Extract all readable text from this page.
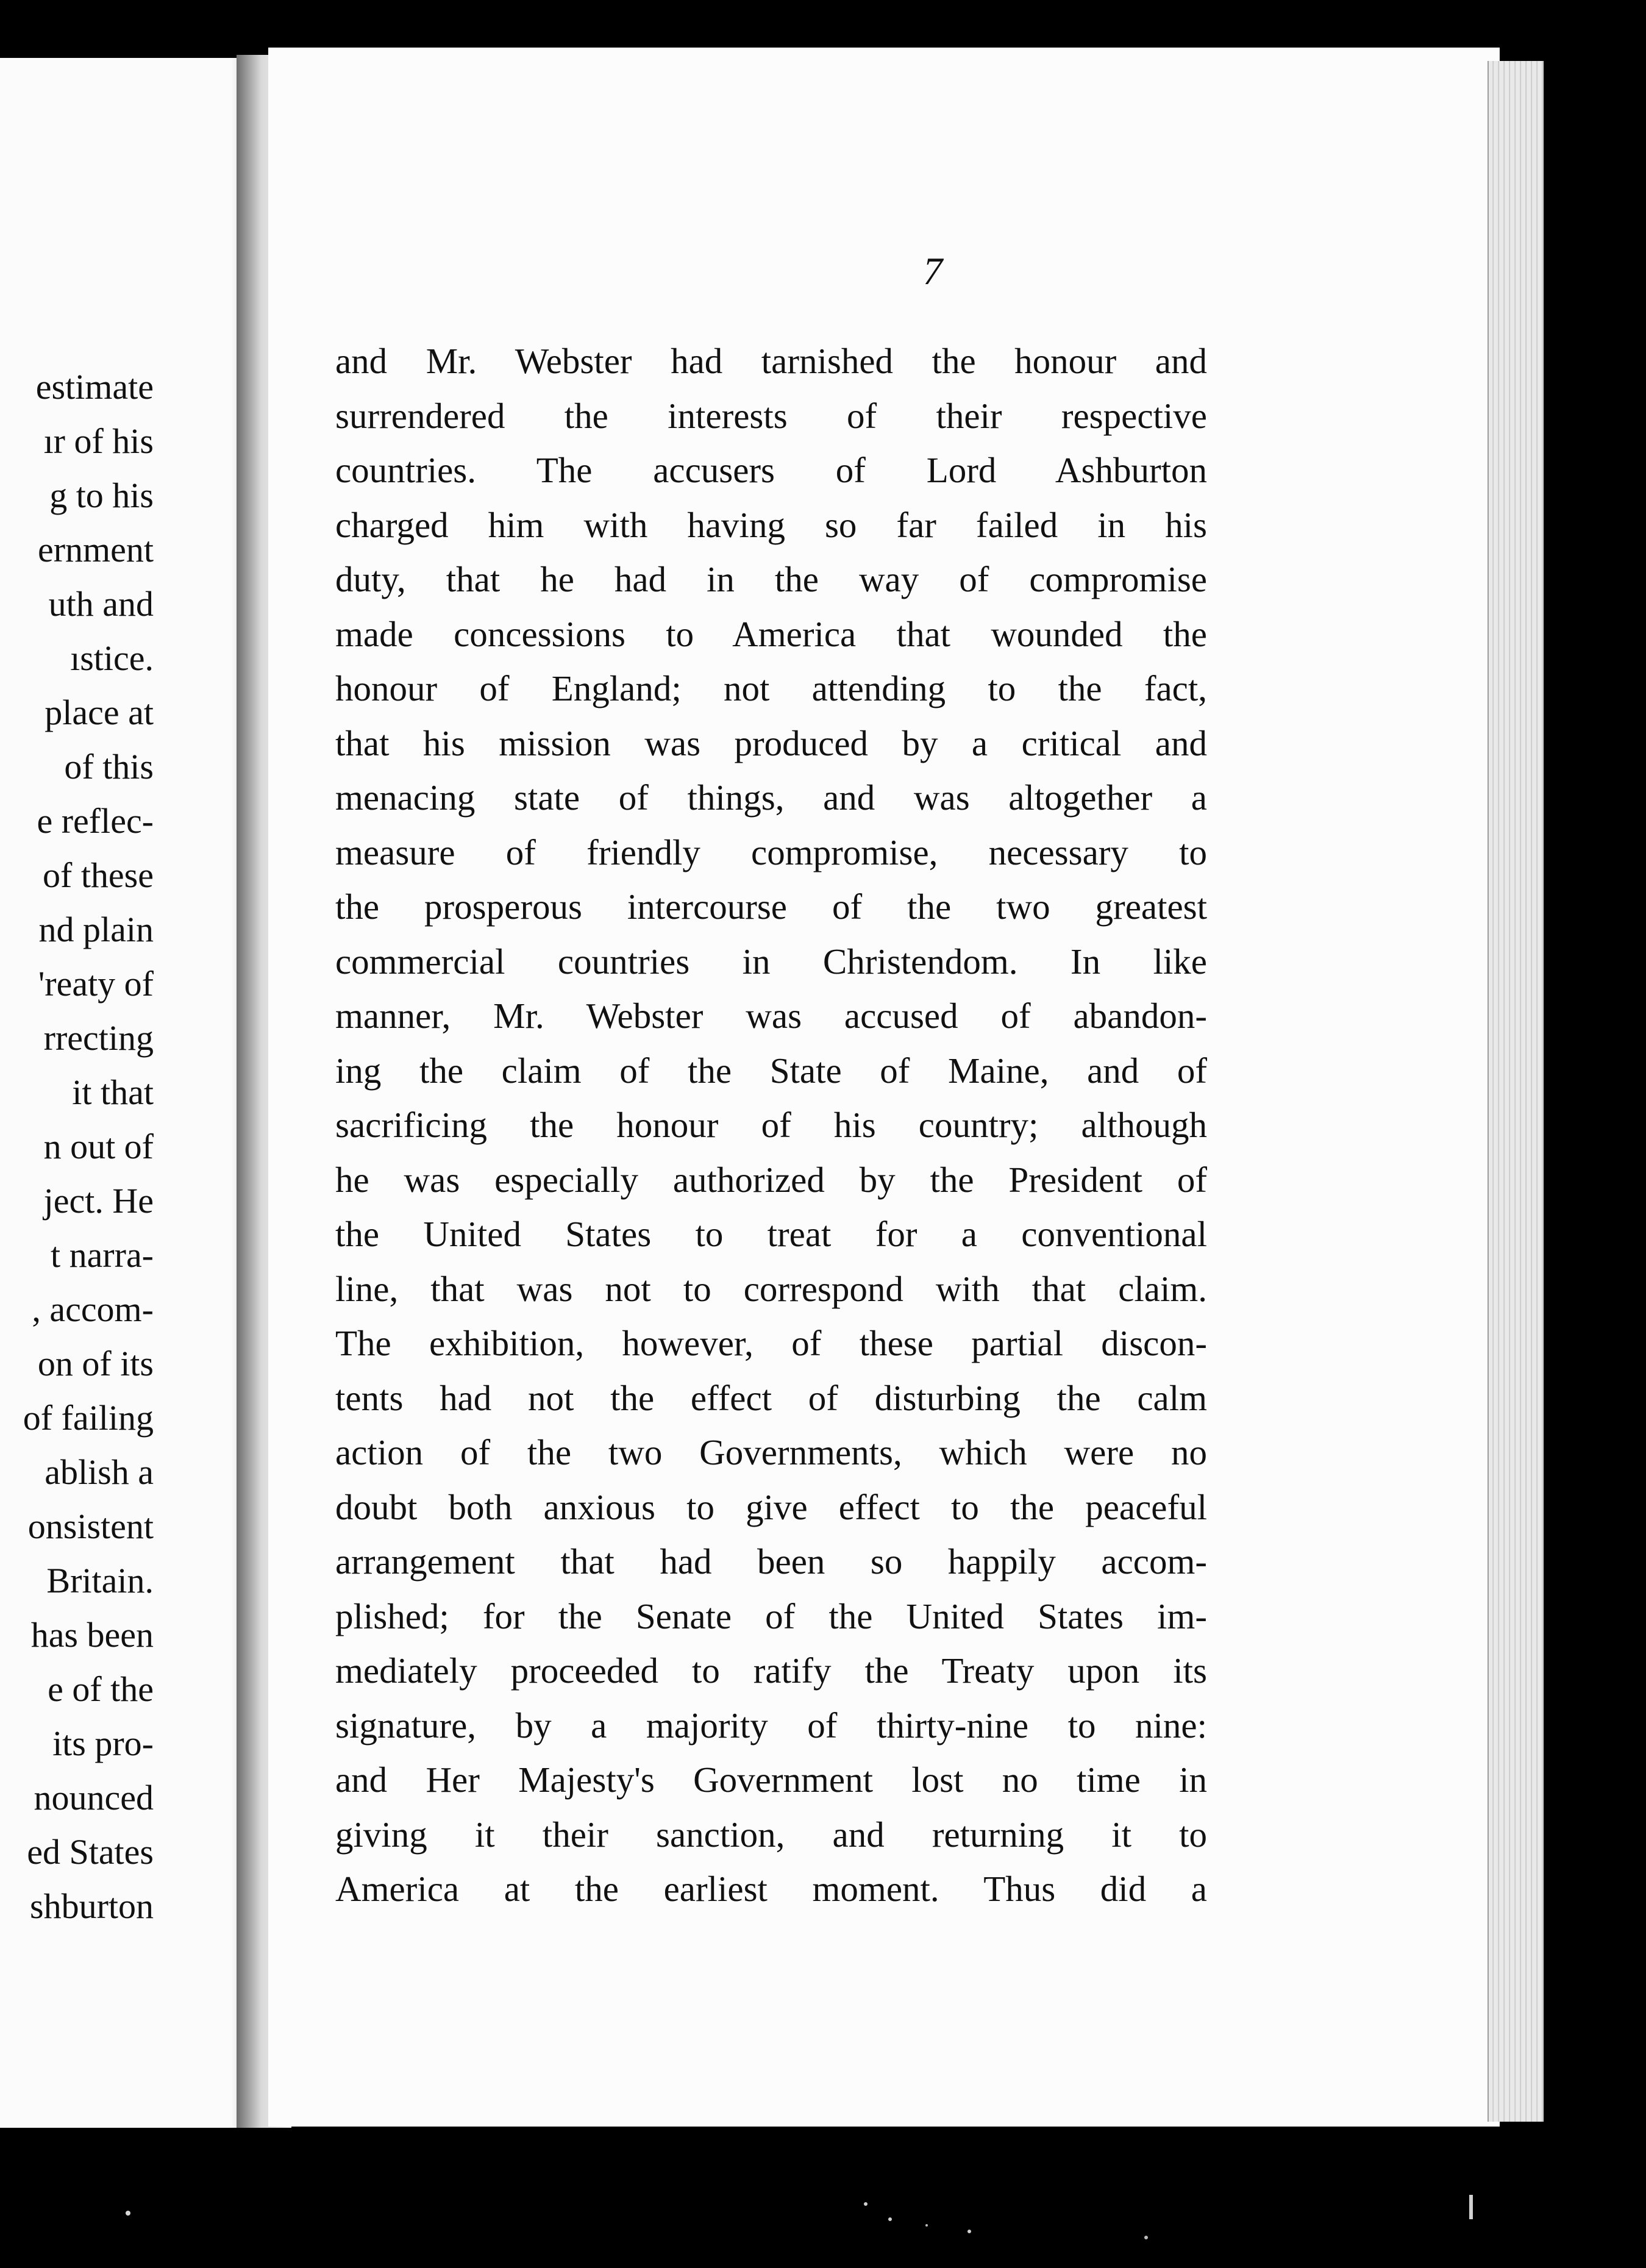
estimate
ır of his
g to his
ernment
uth and
ıstice.
place at
of this
e reflec-
of these
nd plain
'reaty of
rrecting
it that
n out of
ject. He
t narra-
, accom-
on of its
of failing
ablish a
onsistent
Britain.
has been
e of the
its pro-
nounced
ed States
shburton
7
and Mr. Webster had tarnished the honour and
surrendered the interests of their respective
countries. The accusers of Lord Ashburton
charged him with having so far failed in his
duty, that he had in the way of compromise
made concessions to America that wounded the
honour of England; not attending to the fact,
that his mission was produced by a critical and
menacing state of things, and was altogether a
measure of friendly compromise, necessary to
the prosperous intercourse of the two greatest
commercial countries in Christendom. In like
manner, Mr. Webster was accused of abandon-
ing the claim of the State of Maine, and of
sacrificing the honour of his country; although
he was especially authorized by the President of
the United States to treat for a conventional
line, that was not to correspond with that claim.
The exhibition, however, of these partial discon-
tents had not the effect of disturbing the calm
action of the two Governments, which were no
doubt both anxious to give effect to the peaceful
arrangement that had been so happily accom-
plished; for the Senate of the United States im-
mediately proceeded to ratify the Treaty upon its
signature, by a majority of thirty-nine to nine:
and Her Majesty's Government lost no time in
giving it their sanction, and returning it to
America at the earliest moment. Thus did a
